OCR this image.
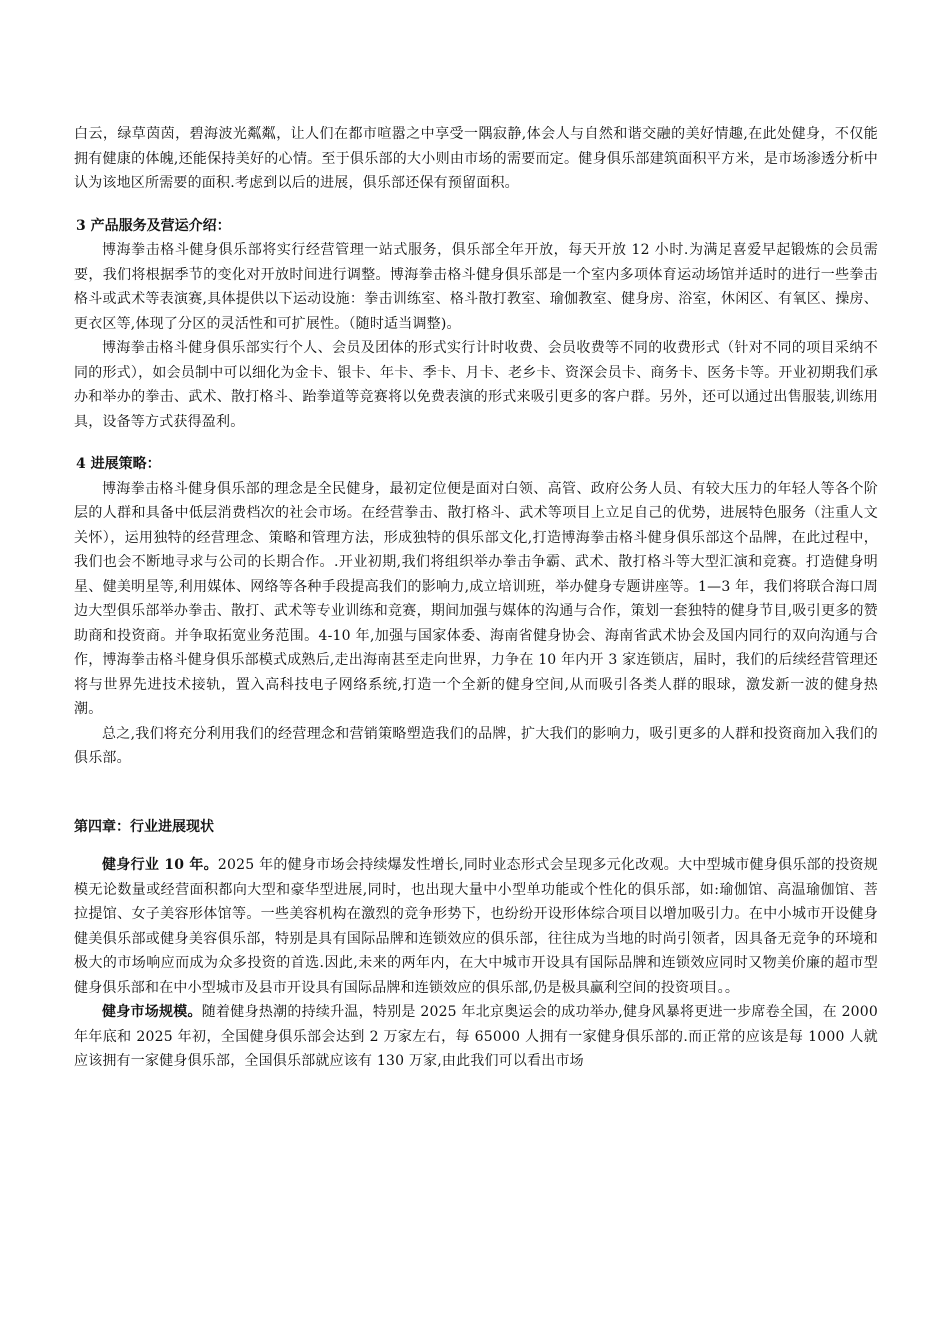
白云，绿草茵茵，碧海波光粼粼，让人们在都市喧嚣之中享受一隅寂静,体会人与自然和谐交融的美好情趣,在此处健身，不仅能拥有健康的体魄,还能保持美好的心情。至于俱乐部的大小则由市场的需要而定。健身俱乐部建筑面积平方米，是市场渗透分析中认为该地区所需要的面积.考虑到以后的进展，俱乐部还保有预留面积。

3 产品服务及营运介绍：

博海拳击格斗健身俱乐部将实行经营管理一站式服务，俱乐部全年开放，每天开放 12 小时.为满足喜爱早起锻炼的会员需要，我们将根据季节的变化对开放时间进行调整。博海拳击格斗健身俱乐部是一个室内多项体育运动场馆并适时的进行一些拳击格斗或武术等表演赛,具体提供以下运动设施：拳击训练室、格斗散打教室、瑜伽教室、健身房、浴室，休闲区、有氧区、操房、更衣区等,体现了分区的灵活性和可扩展性。（随时适当调整)。

博海拳击格斗健身俱乐部实行个人、会员及团体的形式实行计时收费、会员收费等不同的收费形式（针对不同的项目采纳不同的形式），如会员制中可以细化为金卡、银卡、年卡、季卡、月卡、老乡卡、资深会员卡、商务卡、医务卡等。开业初期我们承办和举办的拳击、武术、散打格斗、跆拳道等竞赛将以免费表演的形式来吸引更多的客户群。另外，还可以通过出售服装,训练用具，设备等方式获得盈利。

4 进展策略：

博海拳击格斗健身俱乐部的理念是全民健身，最初定位便是面对白领、高管、政府公务人员、有较大压力的年轻人等各个阶层的人群和具备中低层消费档次的社会市场。在经营拳击、散打格斗、武术等项目上立足自己的优势，进展特色服务（注重人文关怀），运用独特的经营理念、策略和管理方法，形成独特的俱乐部文化,打造博海拳击格斗健身俱乐部这个品牌，在此过程中，我们也会不断地寻求与公司的长期合作。.开业初期,我们将组织举办拳击争霸、武术、散打格斗等大型汇演和竞赛。打造健身明星、健美明星等,利用媒体、网络等各种手段提高我们的影响力,成立培训班，举办健身专题讲座等。1—3 年，我们将联合海口周边大型俱乐部举办拳击、散打、武术等专业训练和竞赛，期间加强与媒体的沟通与合作，策划一套独特的健身节目,吸引更多的赞助商和投资商。并争取拓宽业务范围。4-10 年,加强与国家体委、海南省健身协会、海南省武术协会及国内同行的双向沟通与合作，博海拳击格斗健身俱乐部模式成熟后,走出海南甚至走向世界，力争在 10 年内开 3 家连锁店，届时，我们的后续经营管理还将与世界先进技术接轨，置入高科技电子网络系统,打造一个全新的健身空间,从而吸引各类人群的眼球，激发新一波的健身热潮。

总之,我们将充分利用我们的经营理念和营销策略塑造我们的品牌，扩大我们的影响力，吸引更多的人群和投资商加入我们的俱乐部。

第四章：行业进展现状

健身行业 10 年。2025 年的健身市场会持续爆发性增长,同时业态形式会呈现多元化改观。大中型城市健身俱乐部的投资规模无论数量或经营面积都向大型和豪华型进展,同时，也出现大量中小型单功能或个性化的俱乐部，如:瑜伽馆、高温瑜伽馆、菩拉提馆、女子美容形体馆等。一些美容机构在激烈的竞争形势下，也纷纷开设形体综合项目以增加吸引力。在中小城市开设健身健美俱乐部或健身美容俱乐部，特别是具有国际品牌和连锁效应的俱乐部，往往成为当地的时尚引领者，因具备无竞争的环境和极大的市场响应而成为众多投资的首选.因此,未来的两年内，在大中城市开设具有国际品牌和连锁效应同时又物美价廉的超市型健身俱乐部和在中小型城市及县市开设具有国际品牌和连锁效应的俱乐部,仍是极具赢利空间的投资项目。。

健身市场规模。随着健身热潮的持续升温，特别是 2025 年北京奥运会的成功举办,健身风暴将更进一步席卷全国，在 2000 年年底和 2025 年初，全国健身俱乐部会达到 2 万家左右，每 65000 人拥有一家健身俱乐部的.而正常的应该是每 1000 人就应该拥有一家健身俱乐部，全国俱乐部就应该有 130 万家,由此我们可以看出市场
